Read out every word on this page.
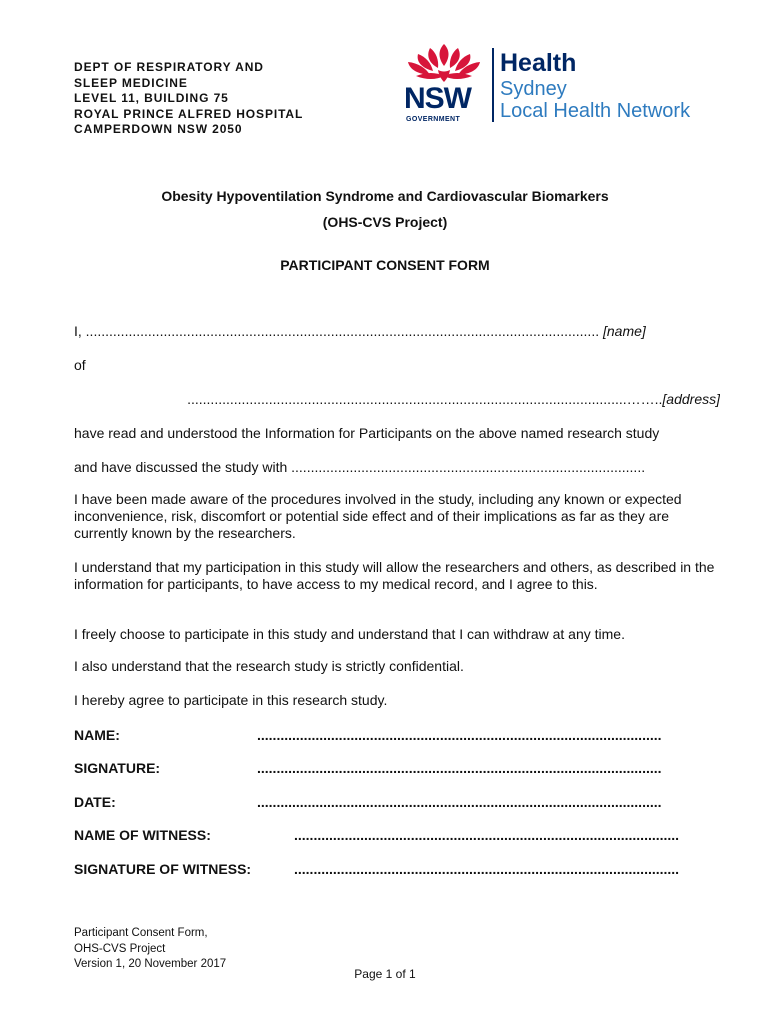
DEPT OF RESPIRATORY AND
SLEEP MEDICINE
LEVEL 11, BUILDING 75
ROYAL PRINCE ALFRED HOSPITAL
CAMPERDOWN NSW 2050
NSW
GOVERNMENT
Health
Sydney
Local Health Network
Obesity Hypoventilation Syndrome and Cardiovascular Biomarkers
(OHS-CVS Project)
PARTICIPANT CONSENT FORM
I, .................................................................................................................................... [name]
of
.................................................................................................................……..[address]
have read and understood the Information for Participants on the above named research study
and have discussed the study with ...........................................................................................
I have been made aware of the procedures involved in the study, including any known or expected inconvenience, risk, discomfort or potential side effect and of their implications as far as they are currently known by the researchers.
I understand that my participation in this study will allow the researchers and others, as described in the information for participants, to have access to my medical record, and I agree to this.
I freely choose to participate in this study and understand that I can withdraw at any time.
I also understand that the research study is strictly confidential.
I hereby agree to participate in this research study.
NAME:	........................................................................................................
SIGNATURE:	........................................................................................................
DATE:	........................................................................................................
NAME OF WITNESS:	...................................................................................................
SIGNATURE OF WITNESS:	...................................................................................................
Participant Consent Form,
OHS-CVS Project
Version 1, 20 November 2017
Page 1 of 1
